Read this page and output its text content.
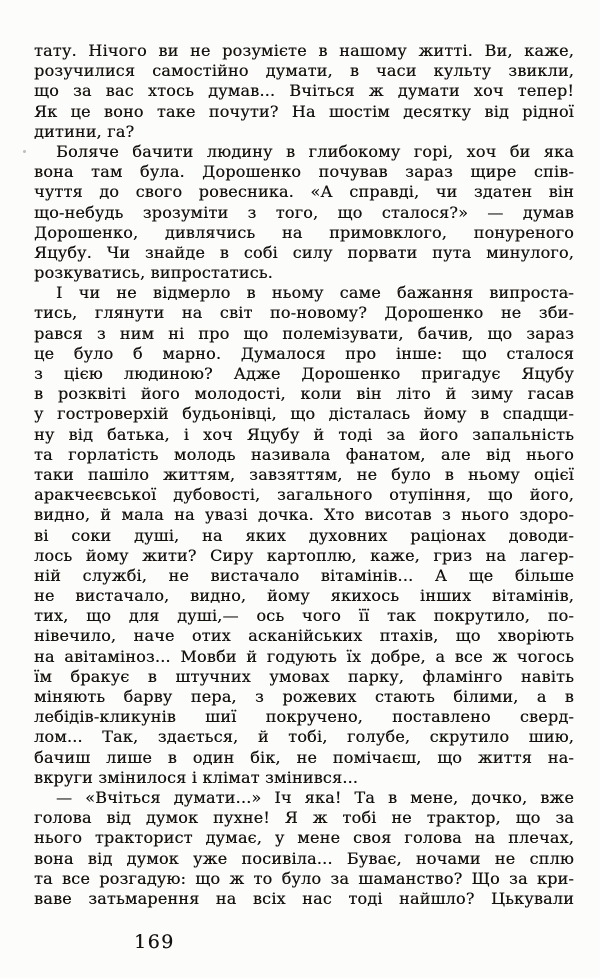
тату. Нічого ви не розумієте в нашому житті. Ви, каже,
розучилися самостійно думати, в часи культу звикли,
що за вас хтось думав... Вчіться ж думати хоч тепер!
Як це воно таке почути? На шостім десятку від рідної
дитини, га?
Боляче бачити людину в глибокому горі, хоч би яка
вона там була. Дорошенко почував зараз щире спів-
чуття до свого ровесника. «А справді, чи здатен він
що-небудь зрозуміти з того, що сталося?» — думав
Дорошенко, дивлячись на примовклого, понуреного
Яцубу. Чи знайде в собі силу порвати пута минулого,
розкуватись, випростатись.
І чи не відмерло в ньому саме бажання випроста-
тись, глянути на світ по-новому? Дорошенко не зби-
рався з ним ні про що полемізувати, бачив, що зараз
це було б марно. Думалося про інше: що сталося
з цією людиною? Адже Дорошенко пригадує Яцубу
в розквіті його молодості, коли він літо й зиму гасав
у гостроверхій будьонівці, що дісталась йому в спадщи-
ну від батька, і хоч Яцубу й тоді за його запальність
та горлатість молодь називала фанатом, але від нього
таки пашіло життям, завзяттям, не було в ньому оцієї
аракчеєвської дубовості, загального отупіння, що його,
видно, й мала на увазі дочка. Хто висотав з нього здоро-
ві соки душі, на яких духовних раціонах доводи-
лось йому жити? Сиру картоплю, каже, гриз на лагер-
ній службі, не вистачало вітамінів... А ще більше
не вистачало, видно, йому якихось інших вітамінів,
тих, що для душі,— ось чого її так покрутило, по-
нівечило, наче отих асканійських птахів, що хворіють
на авітаміноз... Мовби й годують їх добре, а все ж чогось
їм бракує в штучних умовах парку, фламінго навіть
міняють барву пера, з рожевих стають білими, а в
лебідів-кликунів шиї покручено, поставлено сверд-
лом... Так, здається, й тобі, голубе, скрутило шию,
бачиш лише в один бік, не помічаєш, що життя на-
вкруги змінилося і клімат змінився...
— «Вчіться думати...» Іч яка! Та в мене, дочко, вже
голова від думок пухне! Я ж тобі не трактор, що за
нього тракторист думає, у мене своя голова на плечах,
вона від думок уже посивіла... Буває, ночами не сплю
та все розгадую: що ж то було за шаманство? Що за кри-
ваве затьмарення на всіх нас тоді найшло? Цькували
169
